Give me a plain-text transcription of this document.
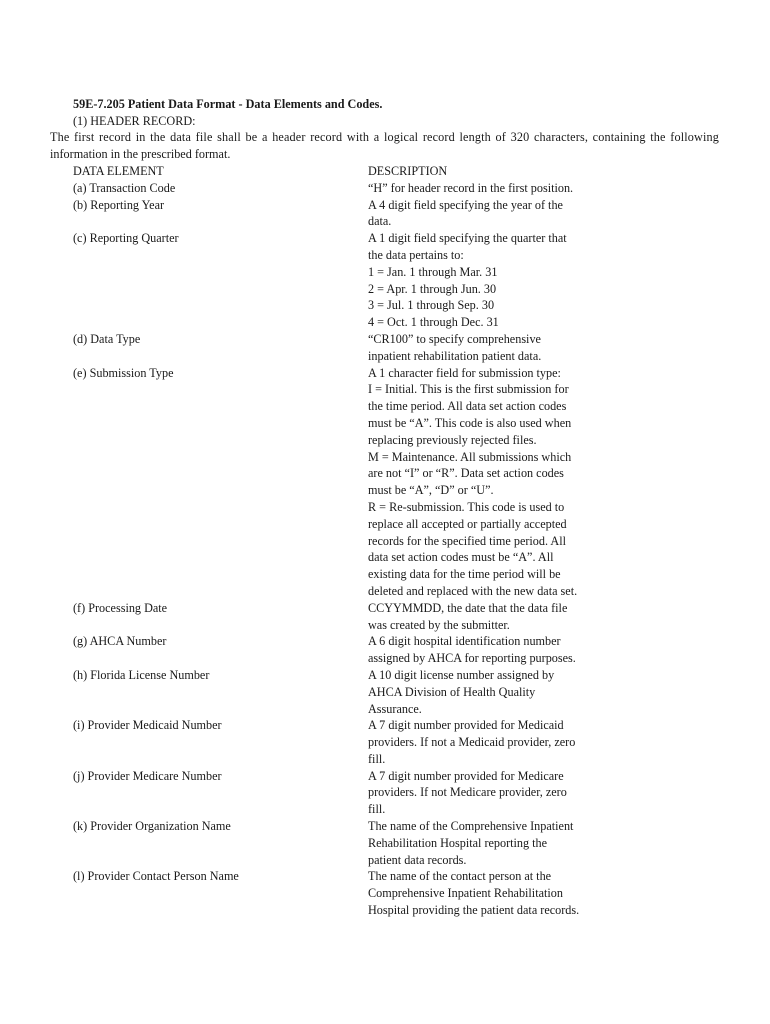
59E-7.205 Patient Data Format - Data Elements and Codes.
(1) HEADER RECORD:
The first record in the data file shall be a header record with a logical record length of 320 characters, containing the following
information in the prescribed format.
DATA ELEMENT	DESCRIPTION
(a) Transaction Code	“H” for header record in the first position.
(b) Reporting Year	A 4 digit field specifying the year of the
data.
(c) Reporting Quarter	A 1 digit field specifying the quarter that
the data pertains to:
1 = Jan. 1 through Mar. 31
2 = Apr. 1 through Jun. 30
3 = Jul. 1 through Sep. 30
4 = Oct. 1 through Dec. 31
(d) Data Type	“CR100” to specify comprehensive
inpatient rehabilitation patient data.
(e) Submission Type	A 1 character field for submission type:
I = Initial. This is the first submission for
the time period. All data set action codes
must be “A”. This code is also used when
replacing previously rejected files.
M = Maintenance. All submissions which
are not “I” or “R”. Data set action codes
must be “A”, “D” or “U”.
R = Re-submission. This code is used to
replace all accepted or partially accepted
records for the specified time period. All
data set action codes must be “A”. All
existing data for the time period will be
deleted and replaced with the new data set.
(f) Processing Date	CCYYMMDD, the date that the data file
was created by the submitter.
(g) AHCA Number	A 6 digit hospital identification number
assigned by AHCA for reporting purposes.
(h) Florida License Number	A 10 digit license number assigned by
AHCA Division of Health Quality
Assurance.
(i) Provider Medicaid Number	A 7 digit number provided for Medicaid
providers. If not a Medicaid provider, zero
fill.
(j) Provider Medicare Number	A 7 digit number provided for Medicare
providers. If not Medicare provider, zero
fill.
(k) Provider Organization Name	The name of the Comprehensive Inpatient
Rehabilitation Hospital reporting the
patient data records.
(l) Provider Contact Person Name	The name of the contact person at the
Comprehensive Inpatient Rehabilitation
Hospital providing the patient data records.
